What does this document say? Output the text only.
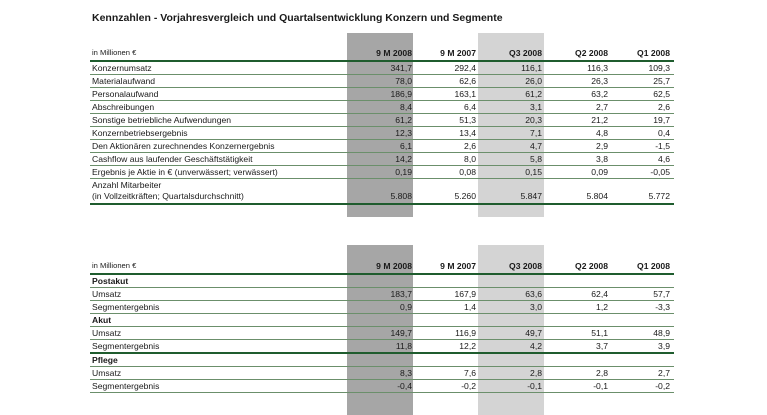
Kennzahlen - Vorjahresvergleich und Quartalsentwicklung Konzern und Segmente
in Millionen €	9 M 2008	9 M 2007	Q3 2008	Q2 2008	Q1 2008
Konzernumsatz	341,7	292,4	116,1	116,3	109,3
Materialaufwand	78,0	62,6	26,0	26,3	25,7
Personalaufwand	186,9	163,1	61,2	63,2	62,5
Abschreibungen	8,4	6,4	3,1	2,7	2,6
Sonstige betriebliche Aufwendungen	61,2	51,3	20,3	21,2	19,7
Konzernbetriebsergebnis	12,3	13,4	7,1	4,8	0,4
Den Aktionären zurechnendes Konzernergebnis	6,1	2,6	4,7	2,9	-1,5
Cashflow aus laufender Geschäftstätigkeit	14,2	8,0	5,8	3,8	4,6
Ergebnis je Aktie in € (unverwässert; verwässert)	0,19	0,08	0,15	0,09	-0,05
Anzahl Mitarbeiter
(in Vollzeitkräften; Quartalsdurchschnitt)	5.808	5.260	5.847	5.804	5.772
in Millionen €	9 M 2008	9 M 2007	Q3 2008	Q2 2008	Q1 2008
Postakut
Umsatz	183,7	167,9	63,6	62,4	57,7
Segmentergebnis	0,9	1,4	3,0	1,2	-3,3
Akut
Umsatz	149,7	116,9	49,7	51,1	48,9
Segmentergebnis	11,8	12,2	4,2	3,7	3,9
Pflege
Umsatz	8,3	7,6	2,8	2,8	2,7
Segmentergebnis	-0,4	-0,2	-0,1	-0,1	-0,2
